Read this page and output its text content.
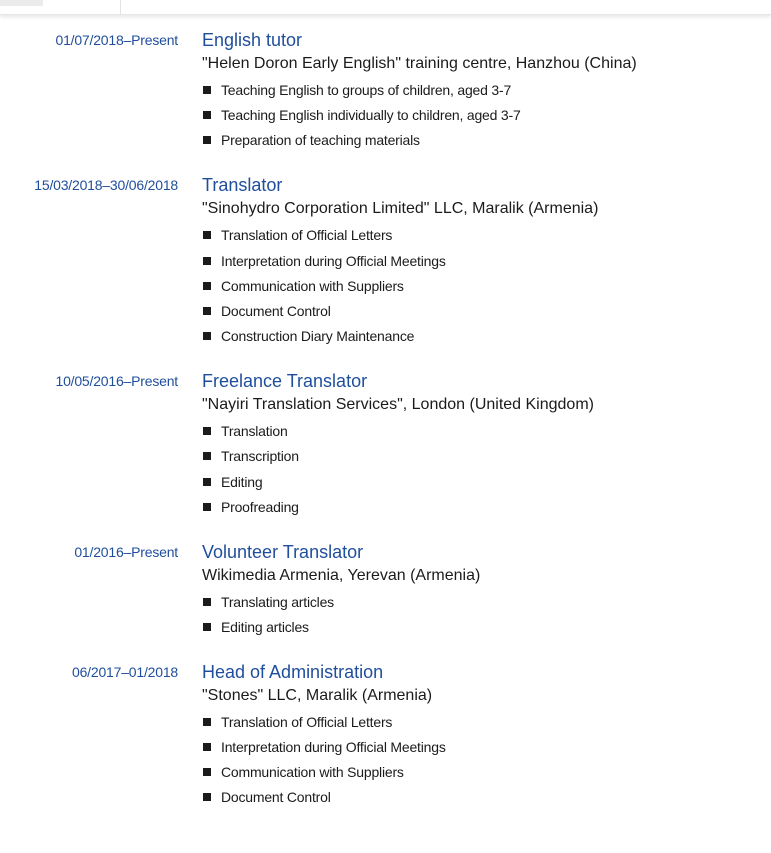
01/07/2018–Present English tutor
"Helen Doron Early English" training centre, Hanzhou (China)
Teaching English to groups of children, aged 3-7
Teaching English individually to children, aged 3-7
Preparation of teaching materials
15/03/2018–30/06/2018 Translator
"Sinohydro Corporation Limited" LLC, Maralik (Armenia)
Translation of Official Letters
Interpretation during Official Meetings
Communication with Suppliers
Document Control
Construction Diary Maintenance
10/05/2016–Present Freelance Translator
"Nayiri Translation Services", London (United Kingdom)
Translation
Transcription
Editing
Proofreading
01/2016–Present Volunteer Translator
Wikimedia Armenia, Yerevan (Armenia)
Translating articles
Editing articles
06/2017–01/2018 Head of Administration
"Stones" LLC, Maralik (Armenia)
Translation of Official Letters
Interpretation during Official Meetings
Communication with Suppliers
Document Control
